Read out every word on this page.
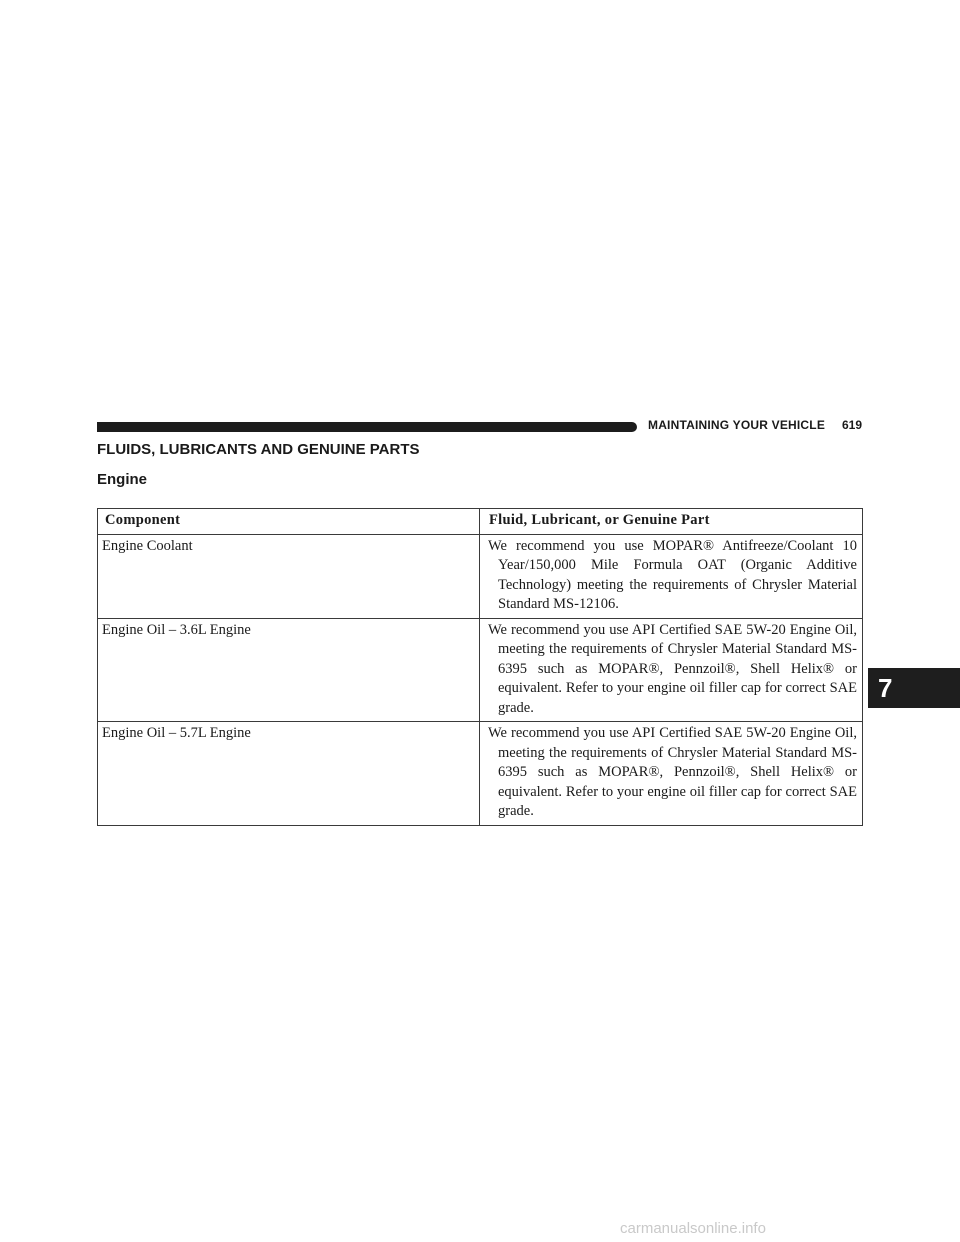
MAINTAINING YOUR VEHICLE 619
FLUIDS, LUBRICANTS AND GENUINE PARTS
Engine
Component	Fluid, Lubricant, or Genuine Part
Engine Coolant	We recommend you use MOPAR® Antifreeze/Coolant 10 Year/150,000 Mile Formula OAT (Organic Additive Technology) meeting the requirements of Chrysler Material Standard MS-12106.
Engine Oil – 3.6L Engine	We recommend you use API Certified SAE 5W-20 Engine Oil, meeting the requirements of Chrysler Material Standard MS-6395 such as MOPAR®, Pennzoil®, Shell Helix® or equivalent. Refer to your engine oil filler cap for correct SAE grade.
Engine Oil – 5.7L Engine	We recommend you use API Certified SAE 5W-20 Engine Oil, meeting the requirements of Chrysler Material Standard MS-6395 such as MOPAR®, Pennzoil®, Shell Helix® or equivalent. Refer to your engine oil filler cap for correct SAE grade.
7
carmanualsonline.info
